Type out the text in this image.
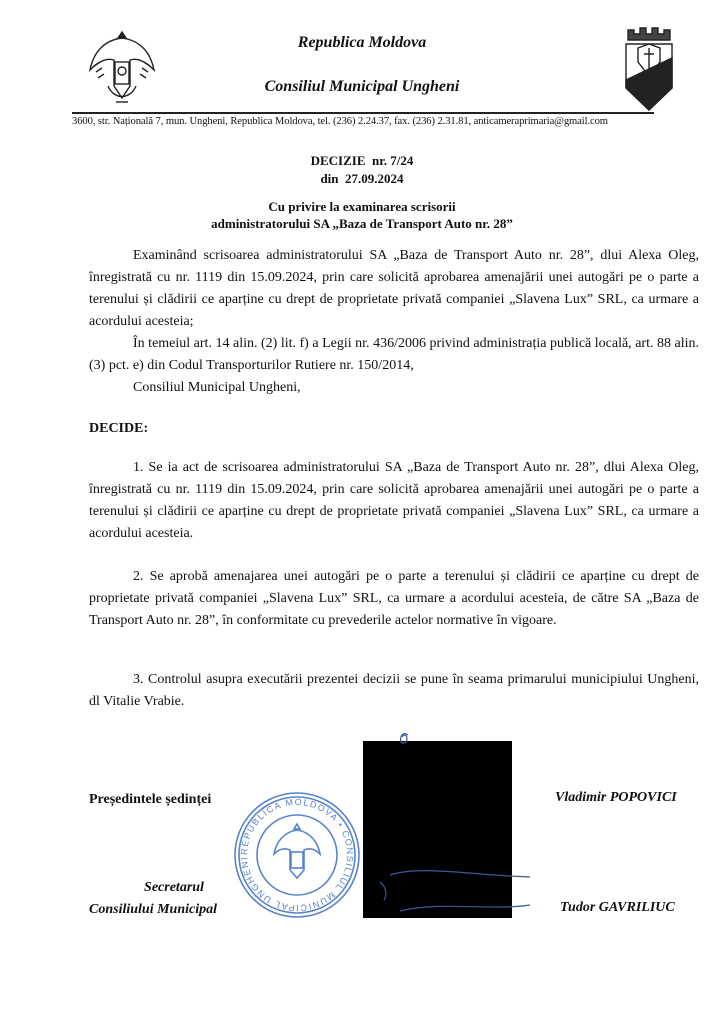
Republica Moldova
Consiliul Municipal Ungheni
3600, str. Națională 7, mun. Ungheni, Republica Moldova, tel. (236) 2.24.37, fax. (236) 2.31.81, anticameraprimaria@gmail.com
DECIZIE  nr. 7/24
din  27.09.2024
Cu privire la examinarea scrisorii
administratorului SA „Baza de Transport Auto nr. 28”
Examinând scrisoarea administratorului SA „Baza de Transport Auto nr. 28”, dlui Alexa Oleg, înregistrată cu nr. 1119 din 15.09.2024, prin care solicită aprobarea amenajării unei autogări pe o parte a terenului și clădirii ce aparține cu drept de proprietate privată companiei „Slavena Lux” SRL, ca urmare a acordului acesteia;
În temeiul art. 14 alin. (2) lit. f) a Legii nr. 436/2006 privind administrația publică locală, art. 88 alin. (3) pct. e) din Codul Transporturilor Rutiere nr. 150/2014,
Consiliul Municipal Ungheni,
DECIDE:
1. Se ia act de scrisoarea administratorului SA „Baza de Transport Auto nr. 28”, dlui Alexa Oleg, înregistrată cu nr. 1119 din 15.09.2024, prin care solicită aprobarea amenajării unei autogări pe o parte a terenului și clădirii ce aparține cu drept de proprietate privată companiei „Slavena Lux” SRL, ca urmare a acordului acesteia.
2. Se aprobă amenajarea unei autogări pe o parte a terenului și clădirii ce aparține cu drept de proprietate privată companiei „Slavena Lux” SRL, ca urmare a acordului acesteia, de către SA „Baza de Transport Auto nr. 28”, în conformitate cu prevederile actelor normative în vigoare.
3. Controlul asupra executării prezentei decizii se pune în seama primarului municipiului Ungheni, dl Vitalie Vrabie.
REPUBLICA MOLDOVA • CONSILIUL MUNICIPAL UNGHENI
Președintele ședinței	Vladimir POPOVICI
Secretarul
Consiliului Municipal	Tudor GAVRILIUC
